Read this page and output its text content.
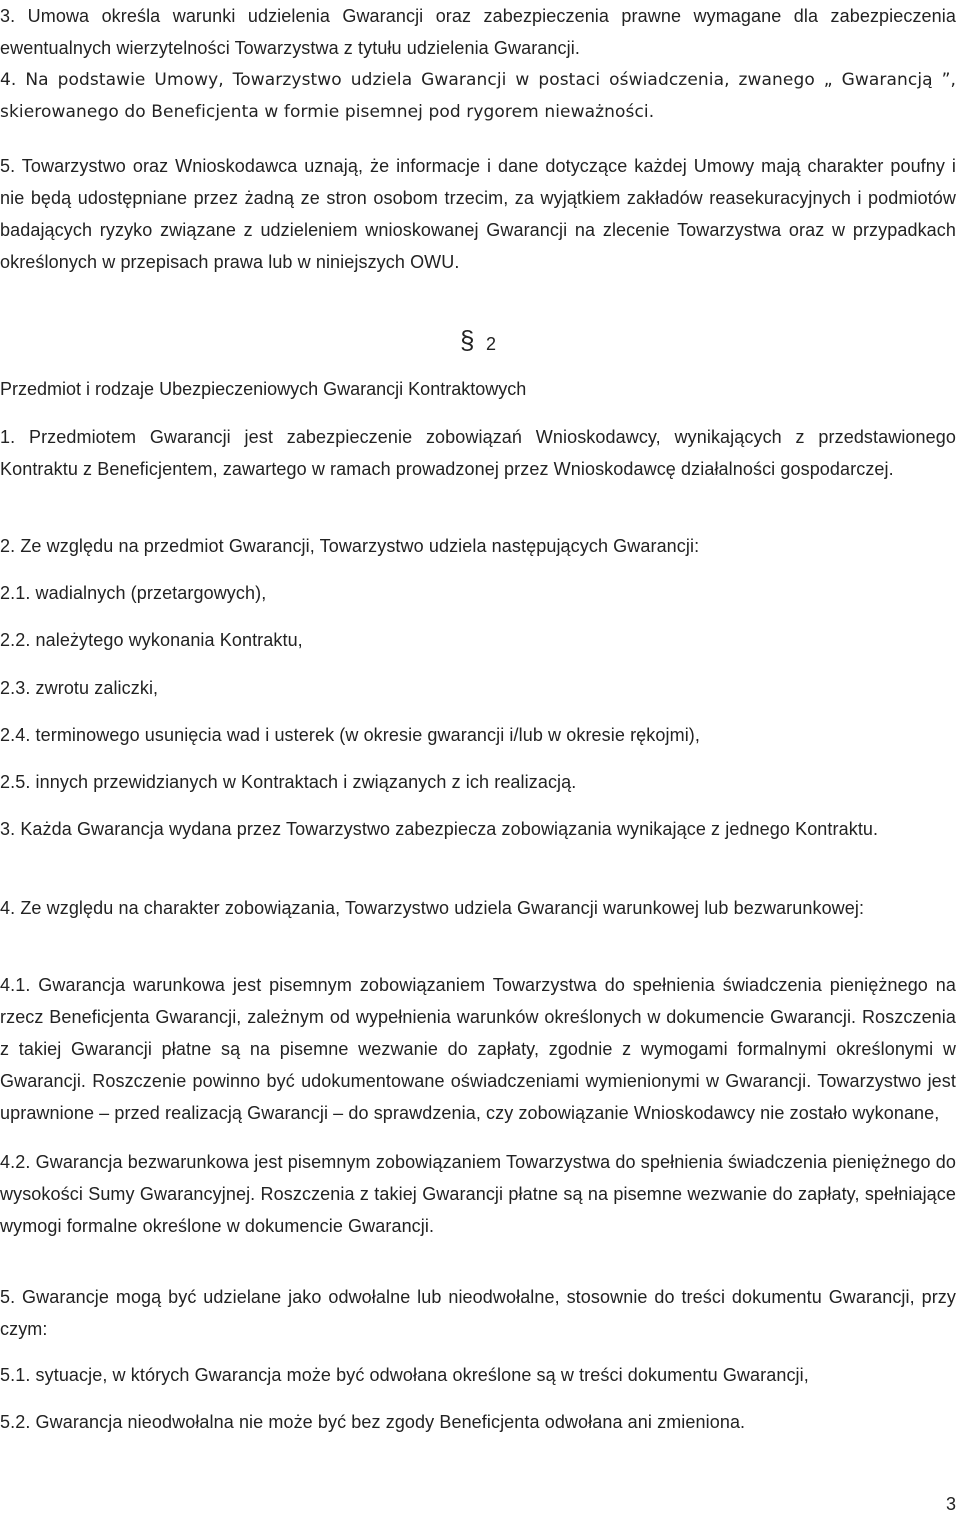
3. Umowa określa warunki udzielenia Gwarancji oraz zabezpieczenia prawne wymagane dla zabezpieczenia ewentualnych wierzytelności Towarzystwa z tytułu udzielenia Gwarancji.

4. Na podstawie Umowy, Towarzystwo udziela Gwarancji w postaci oświadczenia, zwanego „ Gwarancją ”, skierowanego do Beneficjenta w formie pisemnej pod rygorem nieważności.

5. Towarzystwo oraz Wnioskodawca uznają, że informacje i dane dotyczące każdej Umowy mają charakter poufny i nie będą udostępniane przez żadną ze stron osobom trzecim, za wyjątkiem zakładów reasekuracyjnych i podmiotów badających ryzyko związane z udzieleniem wnioskowanej Gwarancji na zlecenie Towarzystwa oraz w przypadkach określonych w przepisach prawa lub w niniejszych OWU.

§ 2
Przedmiot i rodzaje Ubezpieczeniowych Gwarancji Kontraktowych

1. Przedmiotem Gwarancji jest zabezpieczenie zobowiązań Wnioskodawcy, wynikających z przedstawionego Kontraktu z Beneficjentem, zawartego w ramach prowadzonej przez Wnioskodawcę działalności gospodarczej.

2. Ze względu na przedmiot Gwarancji, Towarzystwo udziela następujących Gwarancji:

2.1. wadialnych (przetargowych),

2.2. należytego wykonania Kontraktu,

2.3. zwrotu zaliczki,

2.4. terminowego usunięcia wad i usterek (w okresie gwarancji i/lub w okresie rękojmi),

2.5. innych przewidzianych w Kontraktach i związanych z ich realizacją.

3. Każda Gwarancja wydana przez Towarzystwo zabezpiecza zobowiązania wynikające z jednego Kontraktu.

4. Ze względu na charakter zobowiązania, Towarzystwo udziela Gwarancji warunkowej lub bezwarunkowej:

4.1. Gwarancja warunkowa jest pisemnym zobowiązaniem Towarzystwa do spełnienia świadczenia pieniężnego na rzecz Beneficjenta Gwarancji, zależnym od wypełnienia warunków określonych w dokumencie Gwarancji. Roszczenia z takiej Gwarancji płatne są na pisemne wezwanie do zapłaty, zgodnie z wymogami formalnymi określonymi w Gwarancji. Roszczenie powinno być udokumentowane oświadczeniami wymienionymi w Gwarancji. Towarzystwo jest uprawnione ‒ przed realizacją Gwarancji ‒ do sprawdzenia, czy zobowiązanie Wnioskodawcy nie zostało wykonane,

4.2. Gwarancja bezwarunkowa jest pisemnym zobowiązaniem Towarzystwa do spełnienia świadczenia pieniężnego do wysokości Sumy Gwarancyjnej. Roszczenia z takiej Gwarancji płatne są na pisemne wezwanie do zapłaty, spełniające wymogi formalne określone w dokumencie Gwarancji.

5. Gwarancje mogą być udzielane jako odwołalne lub nieodwołalne, stosownie do treści dokumentu Gwarancji, przy czym:

5.1. sytuacje, w których Gwarancja może być odwołana określone są w treści dokumentu Gwarancji,

5.2. Gwarancja nieodwołalna nie może być bez zgody Beneficjenta odwołana ani zmieniona.

3
